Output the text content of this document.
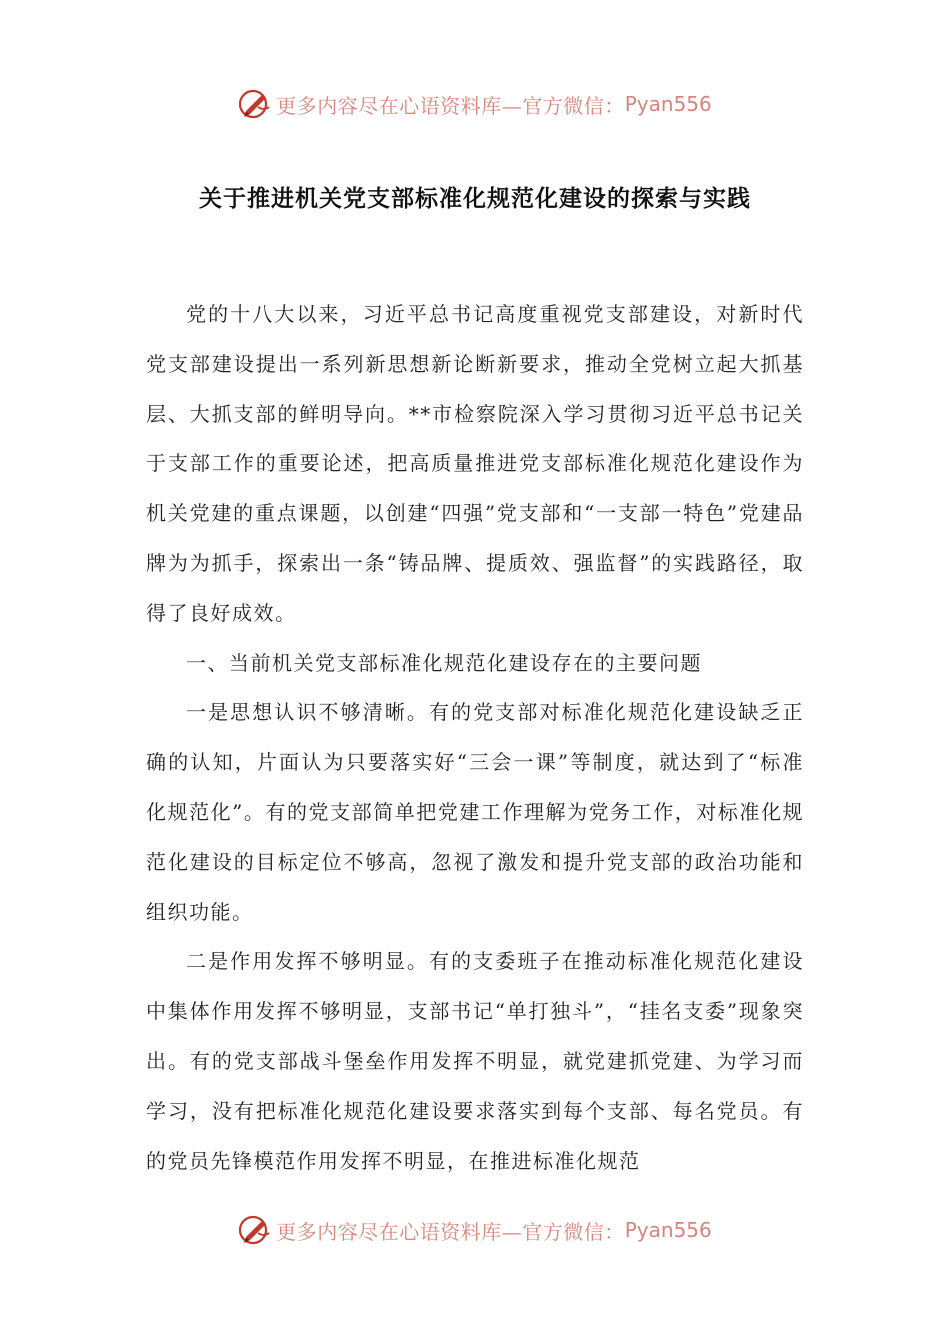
更多内容尽在心语资料库—官方微信： Pyan556
关于推进机关党支部标准化规范化建设的探索与实践

党的十八大以来，习近平总书记高度重视党支部建设，对新时代党支部建设提出一系列新思想新论断新要求，推动全党树立起大抓基层、大抓支部的鲜明导向。**市检察院深入学习贯彻习近平总书记关于支部工作的重要论述，把高质量推进党支部标准化规范化建设作为机关党建的重点课题，以创建“四强”党支部和“一支部一特色”党建品牌为为抓手，探索出一条“铸品牌、提质效、强监督”的实践路径，取得了良好成效。

一、当前机关党支部标准化规范化建设存在的主要问题

一是思想认识不够清晰。有的党支部对标准化规范化建设缺乏正确的认知，片面认为只要落实好“三会一课”等制度，就达到了“标准化规范化”。有的党支部简单把党建工作理解为党务工作，对标准化规范化建设的目标定位不够高，忽视了激发和提升党支部的政治功能和组织功能。

二是作用发挥不够明显。有的支委班子在推动标准化规范化建设中集体作用发挥不够明显，支部书记“单打独斗”，“挂名支委”现象突出。有的党支部战斗堡垒作用发挥不明显，就党建抓党建、为学习而学习，没有把标准化规范化建设要求落实到每个支部、每名党员。有的党员先锋模范作用发挥不明显，在推进标准化规范

更多内容尽在心语资料库—官方微信： Pyan556
